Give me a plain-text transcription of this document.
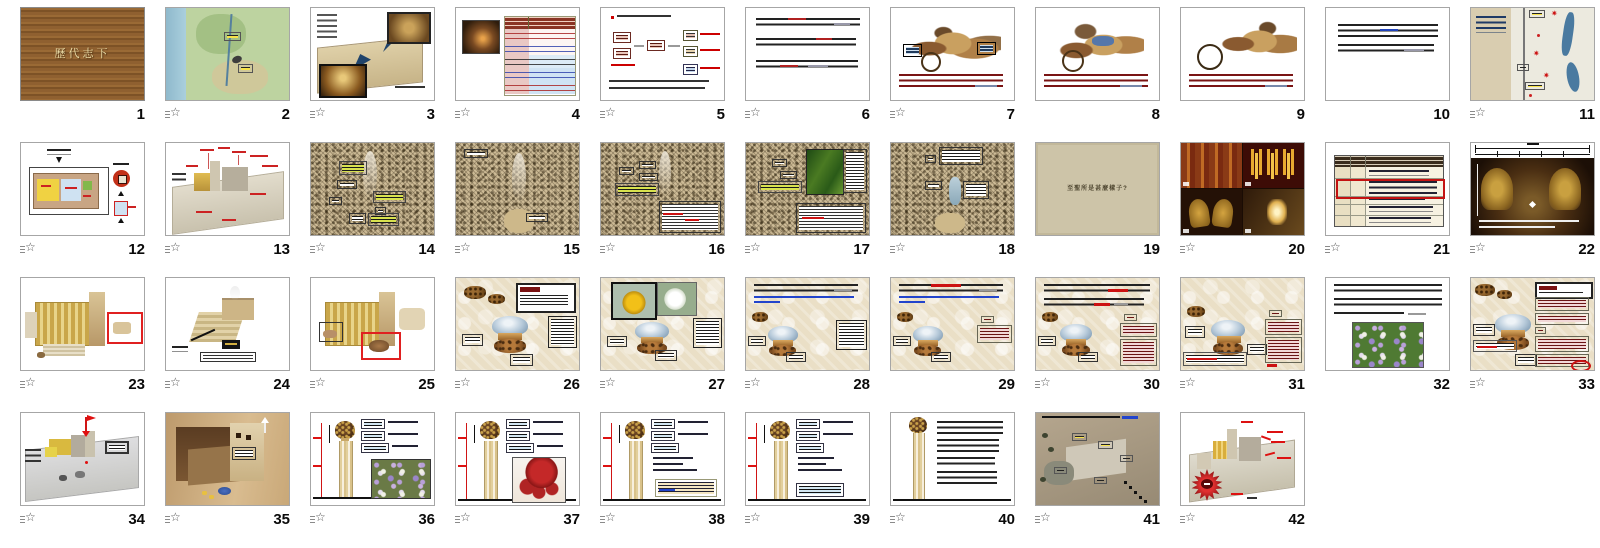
歷代志下
1 ☆	2 ☆	3 ☆	4 ☆	5 ☆	6 ☆	7	8	9	10
✷
✷
✷
☆
11
☆
12 ☆	13 ☆	14 ☆	15 ☆	16 ☆	17 ☆	18
至聖所是甚麼樣子?
19 ☆	20 ☆	21 ☆	22
☆
23 ☆	24 ☆	25 ☆	26 ☆	27 ☆	28	29 ☆	30 ☆	31	32 ☆	33
☆
34 ☆	35 ☆	36 ☆	37 ☆	38 ☆	39 ☆	40 ☆	41 ☆	42
